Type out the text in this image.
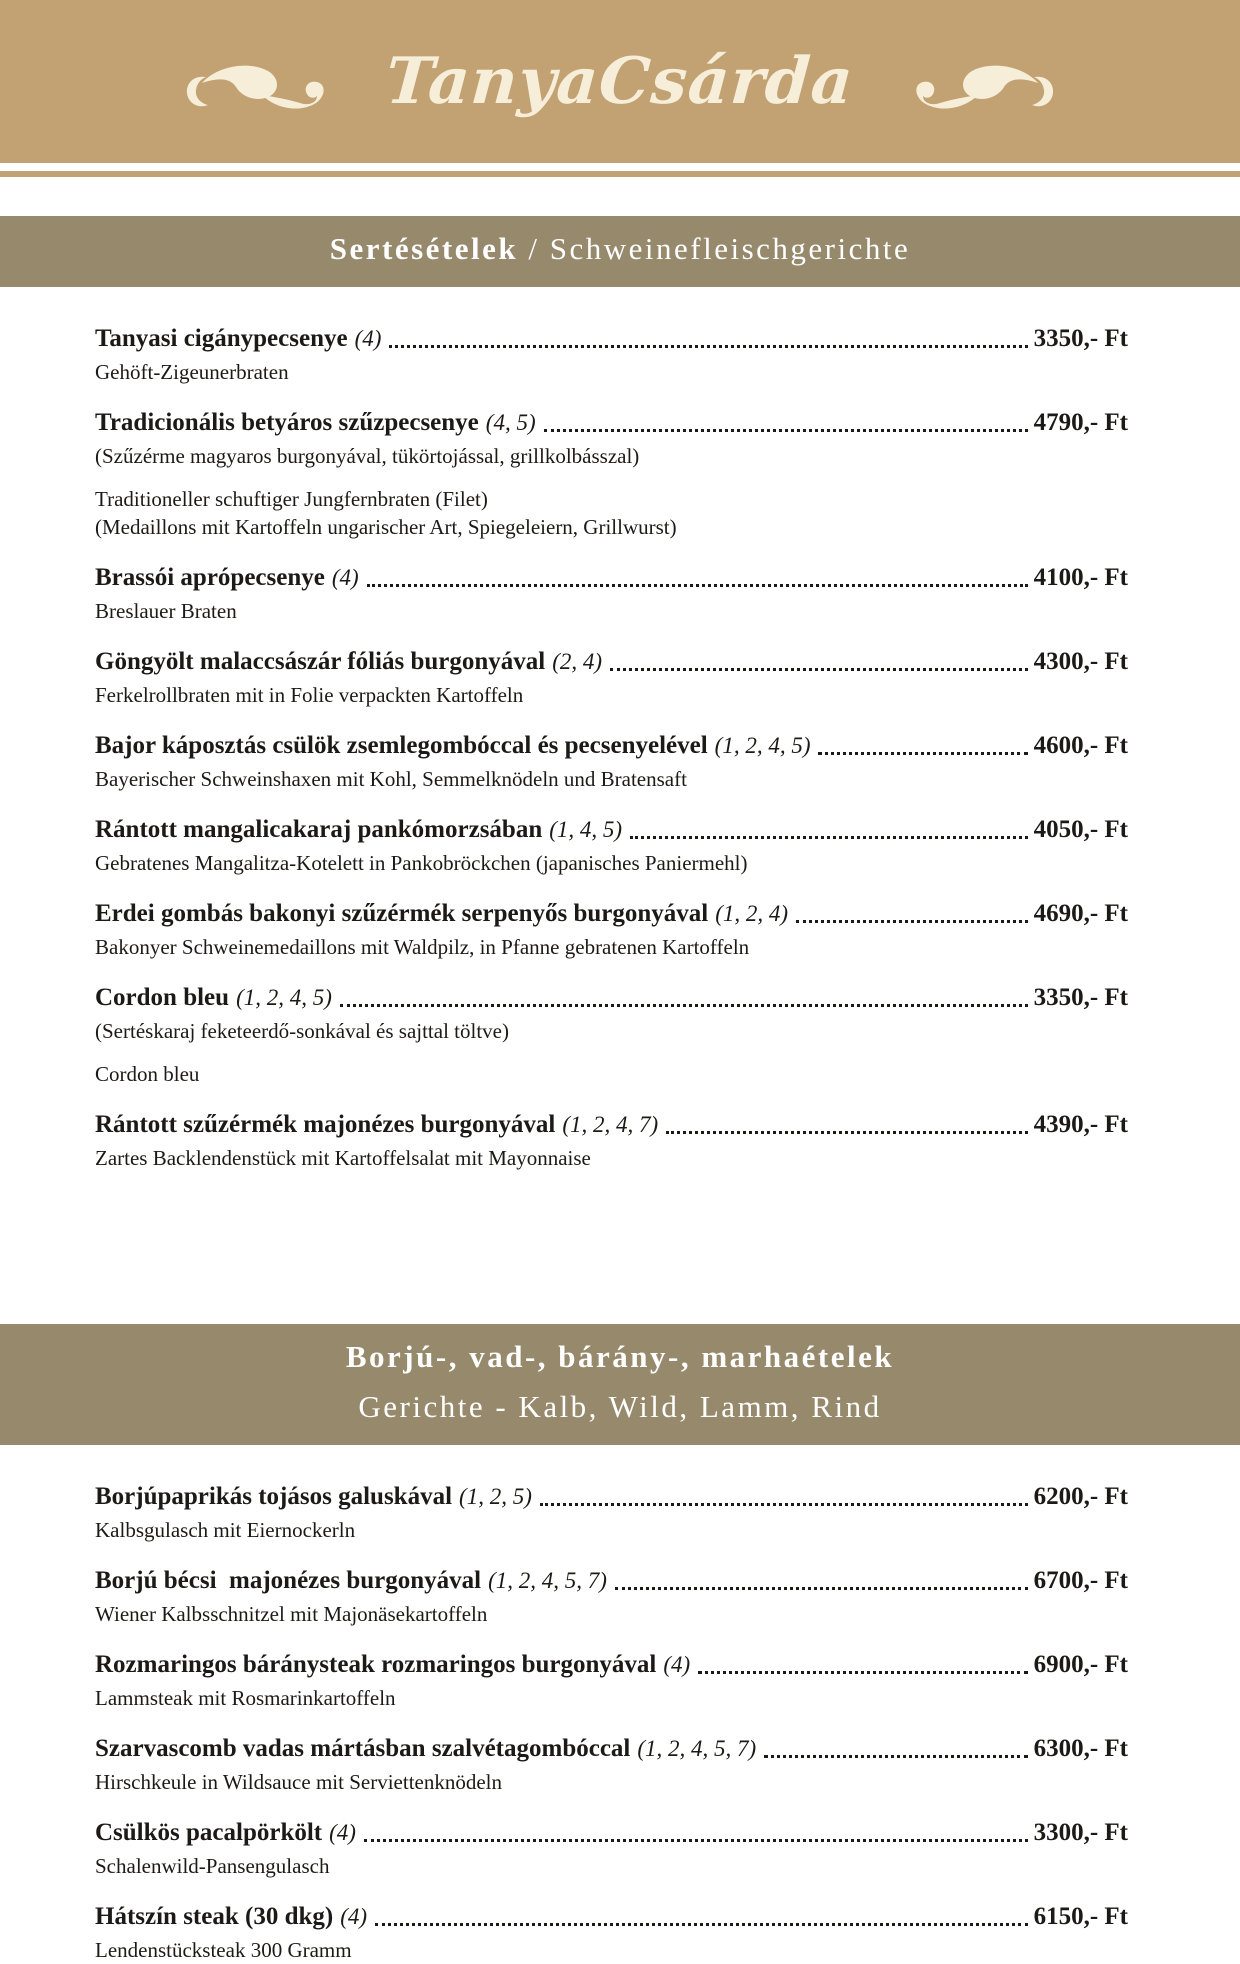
TanyaCsárda
Sertésételek / Schweinefleischgerichte
Tanyasi cigánypecsenye (4)	3350,- Ft
Gehöft-Zigeunerbraten
Tradicionális betyáros szűzpecsenye (4, 5)	4790,- Ft
(Szűzérme magyaros burgonyával, tükörtojással, grillkolbásszal)
Traditioneller schuftiger Jungfernbraten (Filet)
(Medaillons mit Kartoffeln ungarischer Art, Spiegeleiern, Grillwurst)
Brassói aprópecsenye (4)	4100,- Ft
Breslauer Braten
Göngyölt malaccsászár fóliás burgonyával (2, 4)	4300,- Ft
Ferkelrollbraten mit in Folie verpackten Kartoffeln
Bajor káposztás csülök zsemlegombóccal és pecsenyelével (1, 2, 4, 5)	4600,- Ft
Bayerischer Schweinshaxen mit Kohl, Semmelknödeln und Bratensaft
Rántott mangalicakaraj pankómorzsában (1, 4, 5)	4050,- Ft
Gebratenes Mangalitza-Kotelett in Pankobröckchen (japanisches Paniermehl)
Erdei gombás bakonyi szűzérmék serpenyős burgonyával (1, 2, 4)	4690,- Ft
Bakonyer Schweinemedaillons mit Waldpilz, in Pfanne gebratenen Kartoffeln
Cordon bleu (1, 2, 4, 5)	3350,- Ft
(Sertéskaraj feketeerdő-sonkával és sajttal töltve)
Cordon bleu
Rántott szűzérmék majonézes burgonyával (1, 2, 4, 7)	4390,- Ft
Zartes Backlendenstück mit Kartoffelsalat mit Mayonnaise
Borjú-, vad-, bárány-, marhaételek
Gerichte - Kalb, Wild, Lamm, Rind
Borjúpaprikás tojásos galuskával (1, 2, 5)	6200,- Ft
Kalbsgulasch mit Eiernockerln
Borjú bécsi  majonézes burgonyával (1, 2, 4, 5, 7)	6700,- Ft
Wiener Kalbsschnitzel mit Majonäsekartoffeln
Rozmaringos báránysteak rozmaringos burgonyával (4)	6900,- Ft
Lammsteak mit Rosmarinkartoffeln
Szarvascomb vadas mártásban szalvétagombóccal (1, 2, 4, 5, 7)	6300,- Ft
Hirschkeule in Wildsauce mit Serviettenknödeln
Csülkös pacalpörkölt (4)	3300,- Ft
Schalenwild-Pansengulasch
Hátszín steak (30 dkg) (4)	6150,- Ft
Lendenstücksteak 300 Gramm
